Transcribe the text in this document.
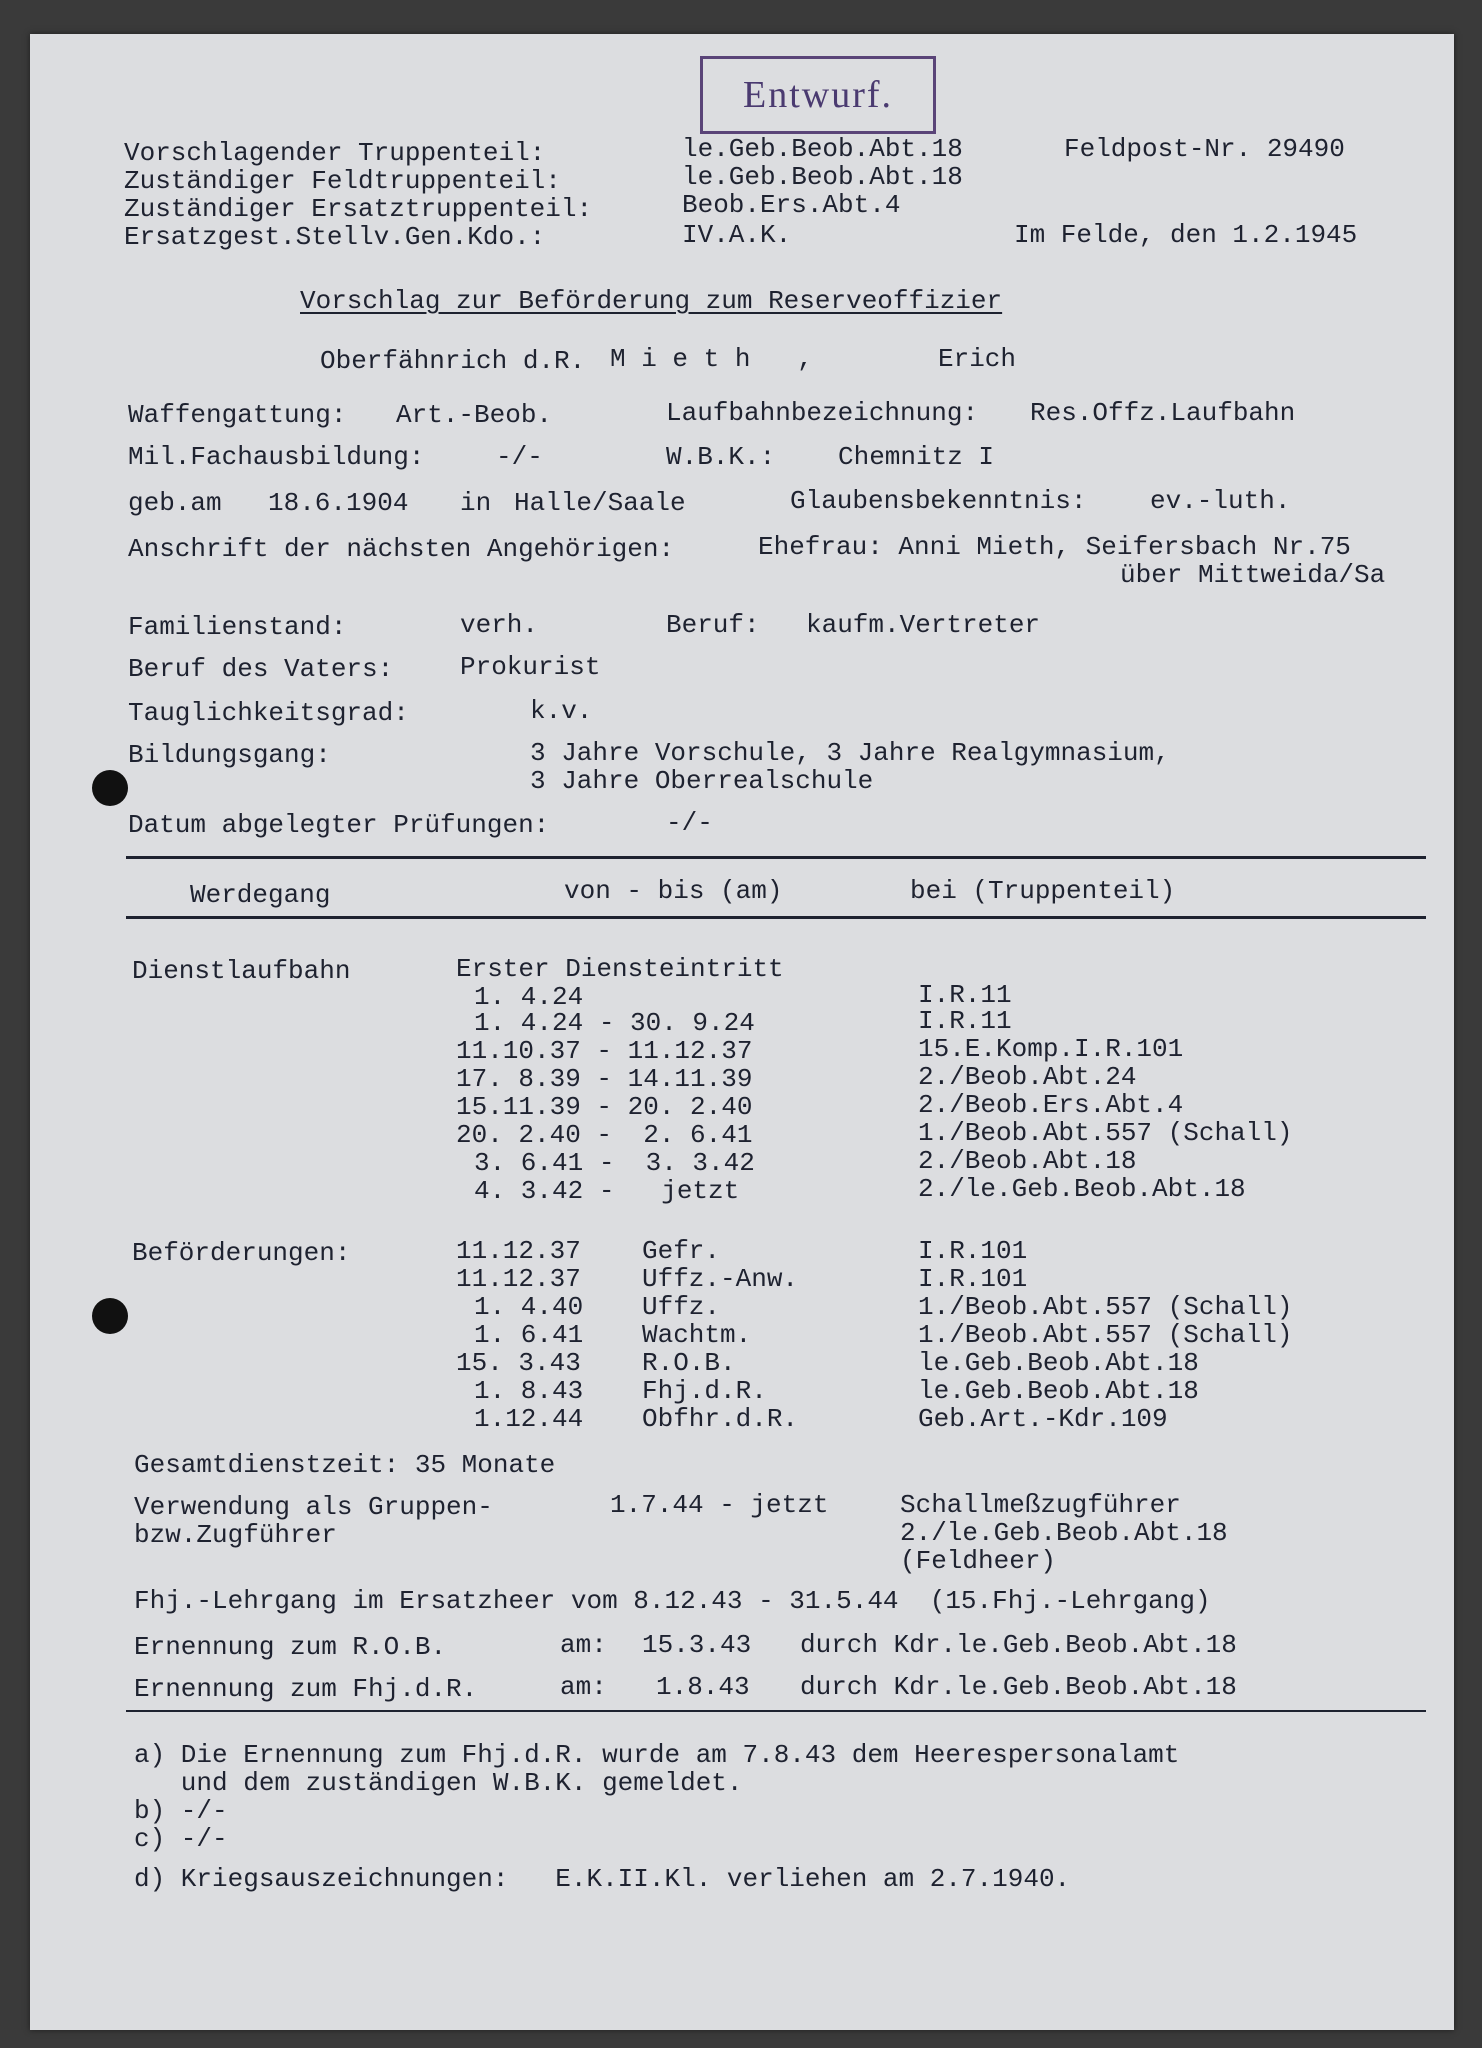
Entwurf.
Vorschlagender Truppenteil:	le.Geb.Beob.Abt.18	Feldpost-Nr. 29490
Zuständiger Feldtruppenteil:	le.Geb.Beob.Abt.18
Zuständiger Ersatztruppenteil:	Beob.Ers.Abt.4
Ersatzgest.Stellv.Gen.Kdo.:	IV.A.K.	Im Felde, den 1.2.1945
Vorschlag zur Beförderung zum Reserveoffizier
Oberfähnrich d.R. M i e t h   ,	Erich
Waffengattung: Art.-Beob.	Laufbahnbezeichnung: Res.Offz.Laufbahn
Mil.Fachausbildung:	-/-	W.B.K.: Chemnitz I
geb.am 18.6.1904 in Halle/Saale	Glaubensbekenntnis: ev.-luth.
Anschrift der nächsten Angehörigen:	Ehefrau: Anni Mieth, Seifersbach Nr.75
über Mittweida/Sa
Familienstand:	verh.	Beruf: kaufm.Vertreter
Beruf des Vaters:	Prokurist
Tauglichkeitsgrad:	k.v.
Bildungsgang:	3 Jahre Vorschule, 3 Jahre Realgymnasium,
3 Jahre Oberrealschule
Datum abgelegter Prüfungen:	-/-
Werdegang	von - bis (am)	bei (Truppenteil)
Dienstlaufbahn	Erster Diensteintritt
1. 4.24	I.R.11
1. 4.24 - 30. 9.24	I.R.11
11.10.37 - 11.12.37	15.E.Komp.I.R.101
17. 8.39 - 14.11.39	2./Beob.Abt.24
15.11.39 - 20. 2.40	2./Beob.Ers.Abt.4
20. 2.40 -  2. 6.41	1./Beob.Abt.557 (Schall)
3. 6.41 -  3. 3.42	2./Beob.Abt.18
4. 3.42 -   jetzt	2./le.Geb.Beob.Abt.18
Beförderungen:	11.12.37 Gefr.	I.R.101
11.12.37 Uffz.-Anw.	I.R.101
1. 4.40 Uffz.	1./Beob.Abt.557 (Schall)
1. 6.41 Wachtm.	1./Beob.Abt.557 (Schall)
15. 3.43 R.O.B.	le.Geb.Beob.Abt.18
1. 8.43 Fhj.d.R.	le.Geb.Beob.Abt.18
1.12.44 Obfhr.d.R.	Geb.Art.-Kdr.109
Gesamtdienstzeit: 35 Monate
Verwendung als Gruppen-
bzw.Zugführer
1.7.44 - jetzt	Schallmeßzugführer
2./le.Geb.Beob.Abt.18
(Feldheer)
Fhj.-Lehrgang im Ersatzheer vom 8.12.43 - 31.5.44  (15.Fhj.-Lehrgang)
Ernennung zum R.O.B.	am: 15.3.43 durch Kdr.le.Geb.Beob.Abt.18
Ernennung zum Fhj.d.R.	am: 1.8.43 durch Kdr.le.Geb.Beob.Abt.18
a) Die Ernennung zum Fhj.d.R. wurde am 7.8.43 dem Heerespersonalamt
und dem zuständigen W.B.K. gemeldet.
b) -/-
c) -/-
d) Kriegsauszeichnungen:   E.K.II.Kl. verliehen am 2.7.1940.
